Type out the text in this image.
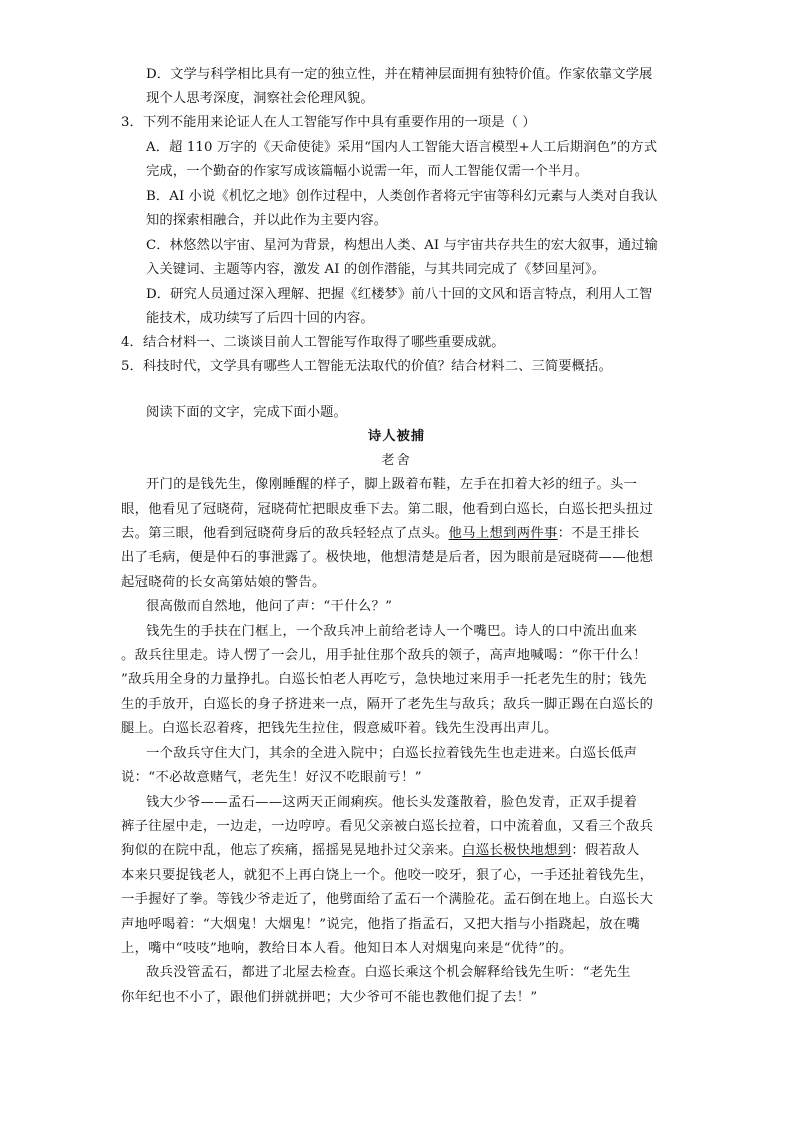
D．文学与科学相比具有一定的独立性，并在精神层面拥有独特价值。作家依靠文学展
现个人思考深度，洞察社会伦理风貌。
3．下列不能用来论证人在人工智能写作中具有重要作用的一项是（ ）
A．超 110 万字的《天命使徒》采用“国内人工智能大语言模型+人工后期润色”的方式
完成，一个勤奋的作家写成该篇幅小说需一年，而人工智能仅需一个半月。
B．AI 小说《机忆之地》创作过程中，人类创作者将元宇宙等科幻元素与人类对自我认
知的探索相融合，并以此作为主要内容。
C．林悠然以宇宙、星河为背景，构想出人类、AI 与宇宙共存共生的宏大叙事，通过输
入关键词、主题等内容，激发 AI 的创作潜能，与其共同完成了《梦回星河》。
D．研究人员通过深入理解、把握《红楼梦》前八十回的文风和语言特点，利用人工智
能技术，成功续写了后四十回的内容。
4．结合材料一、二谈谈目前人工智能写作取得了哪些重要成就。
5．科技时代，文学具有哪些人工智能无法取代的价值？结合材料二、三简要概括。
阅读下面的文字，完成下面小题。
诗人被捕
老舍
开门的是钱先生，像刚睡醒的样子，脚上趿着布鞋，左手在扣着大衫的纽子。头一
眼，他看见了冠晓荷，冠晓荷忙把眼皮垂下去。第二眼，他看到白巡长，白巡长把头扭过
去。第三眼，他看到冠晓荷身后的敌兵轻轻点了点头。他马上想到两件事：不是王排长
出了毛病，便是仲石的事泄露了。极快地，他想清楚是后者，因为眼前是冠晓荷——他想
起冠晓荷的长女高第姑娘的警告。
很高傲而自然地，他问了声：“干什么？”
钱先生的手扶在门框上，一个敌兵冲上前给老诗人一个嘴巴。诗人的口中流出血来
。敌兵往里走。诗人愣了一会儿，用手扯住那个敌兵的领子，高声地喊喝：“你干什么！
”敌兵用全身的力量挣扎。白巡长怕老人再吃亏，急快地过来用手一托老先生的肘；钱先
生的手放开，白巡长的身子挤进来一点，隔开了老先生与敌兵；敌兵一脚正踢在白巡长的
腿上。白巡长忍着疼，把钱先生拉住，假意威吓着。钱先生没再出声儿。
一个敌兵守住大门，其余的全进入院中；白巡长拉着钱先生也走进来。白巡长低声
说：“不必故意赌气，老先生！好汉不吃眼前亏！”
钱大少爷——孟石——这两天正闹痢疾。他长头发蓬散着，脸色发青，正双手提着
裤子往屋中走，一边走，一边哼哼。看见父亲被白巡长拉着，口中流着血，又看三个敌兵
狗似的在院中乱，他忘了疾痛，摇摇晃晃地扑过父亲来。白巡长极快地想到：假若敌人
本来只要捉钱老人，就犯不上再白饶上一个。他咬一咬牙，狠了心，一手还扯着钱先生，
一手握好了拳。等钱少爷走近了，他劈面给了孟石一个满脸花。孟石倒在地上。白巡长大
声地呼喝着：“大烟鬼！大烟鬼！”说完，他指了指孟石，又把大指与小指跷起，放在嘴
上，嘴中“吱吱”地响，教给日本人看。他知日本人对烟鬼向来是“优待”的。
敌兵没管孟石，都进了北屋去检查。白巡长乘这个机会解释给钱先生听：“老先生
你年纪也不小了，跟他们拼就拼吧；大少爷可不能也教他们捉了去！”
